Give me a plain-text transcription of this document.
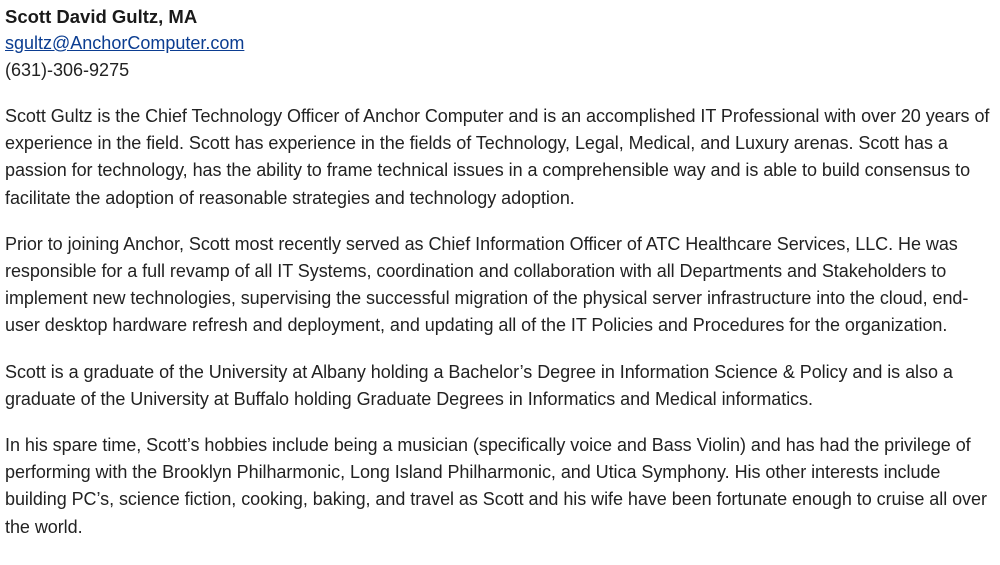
Scott David Gultz, MA
sgultz@AnchorComputer.com
(631)-306-9275

Scott Gultz is the Chief Technology Officer of Anchor Computer and is an accomplished IT Professional with over 20 years of experience in the field. Scott has experience in the fields of Technology, Legal, Medical, and Luxury arenas. Scott has a passion for technology, has the ability to frame technical issues in a comprehensible way and is able to build consensus to facilitate the adoption of reasonable strategies and technology adoption.

Prior to joining Anchor, Scott most recently served as Chief Information Officer of ATC Healthcare Services, LLC. He was responsible for a full revamp of all IT Systems, coordination and collaboration with all Departments and Stakeholders to implement new technologies, supervising the successful migration of the physical server infrastructure into the cloud, end-user desktop hardware refresh and deployment, and updating all of the IT Policies and Procedures for the organization.

Scott is a graduate of the University at Albany holding a Bachelor’s Degree in Information Science & Policy and is also a graduate of the University at Buffalo holding Graduate Degrees in Informatics and Medical informatics.

In his spare time, Scott’s hobbies include being a musician (specifically voice and Bass Violin) and has had the privilege of performing with the Brooklyn Philharmonic, Long Island Philharmonic, and Utica Symphony. His other interests include building PC’s, science fiction, cooking, baking, and travel as Scott and his wife have been fortunate enough to cruise all over the world.
